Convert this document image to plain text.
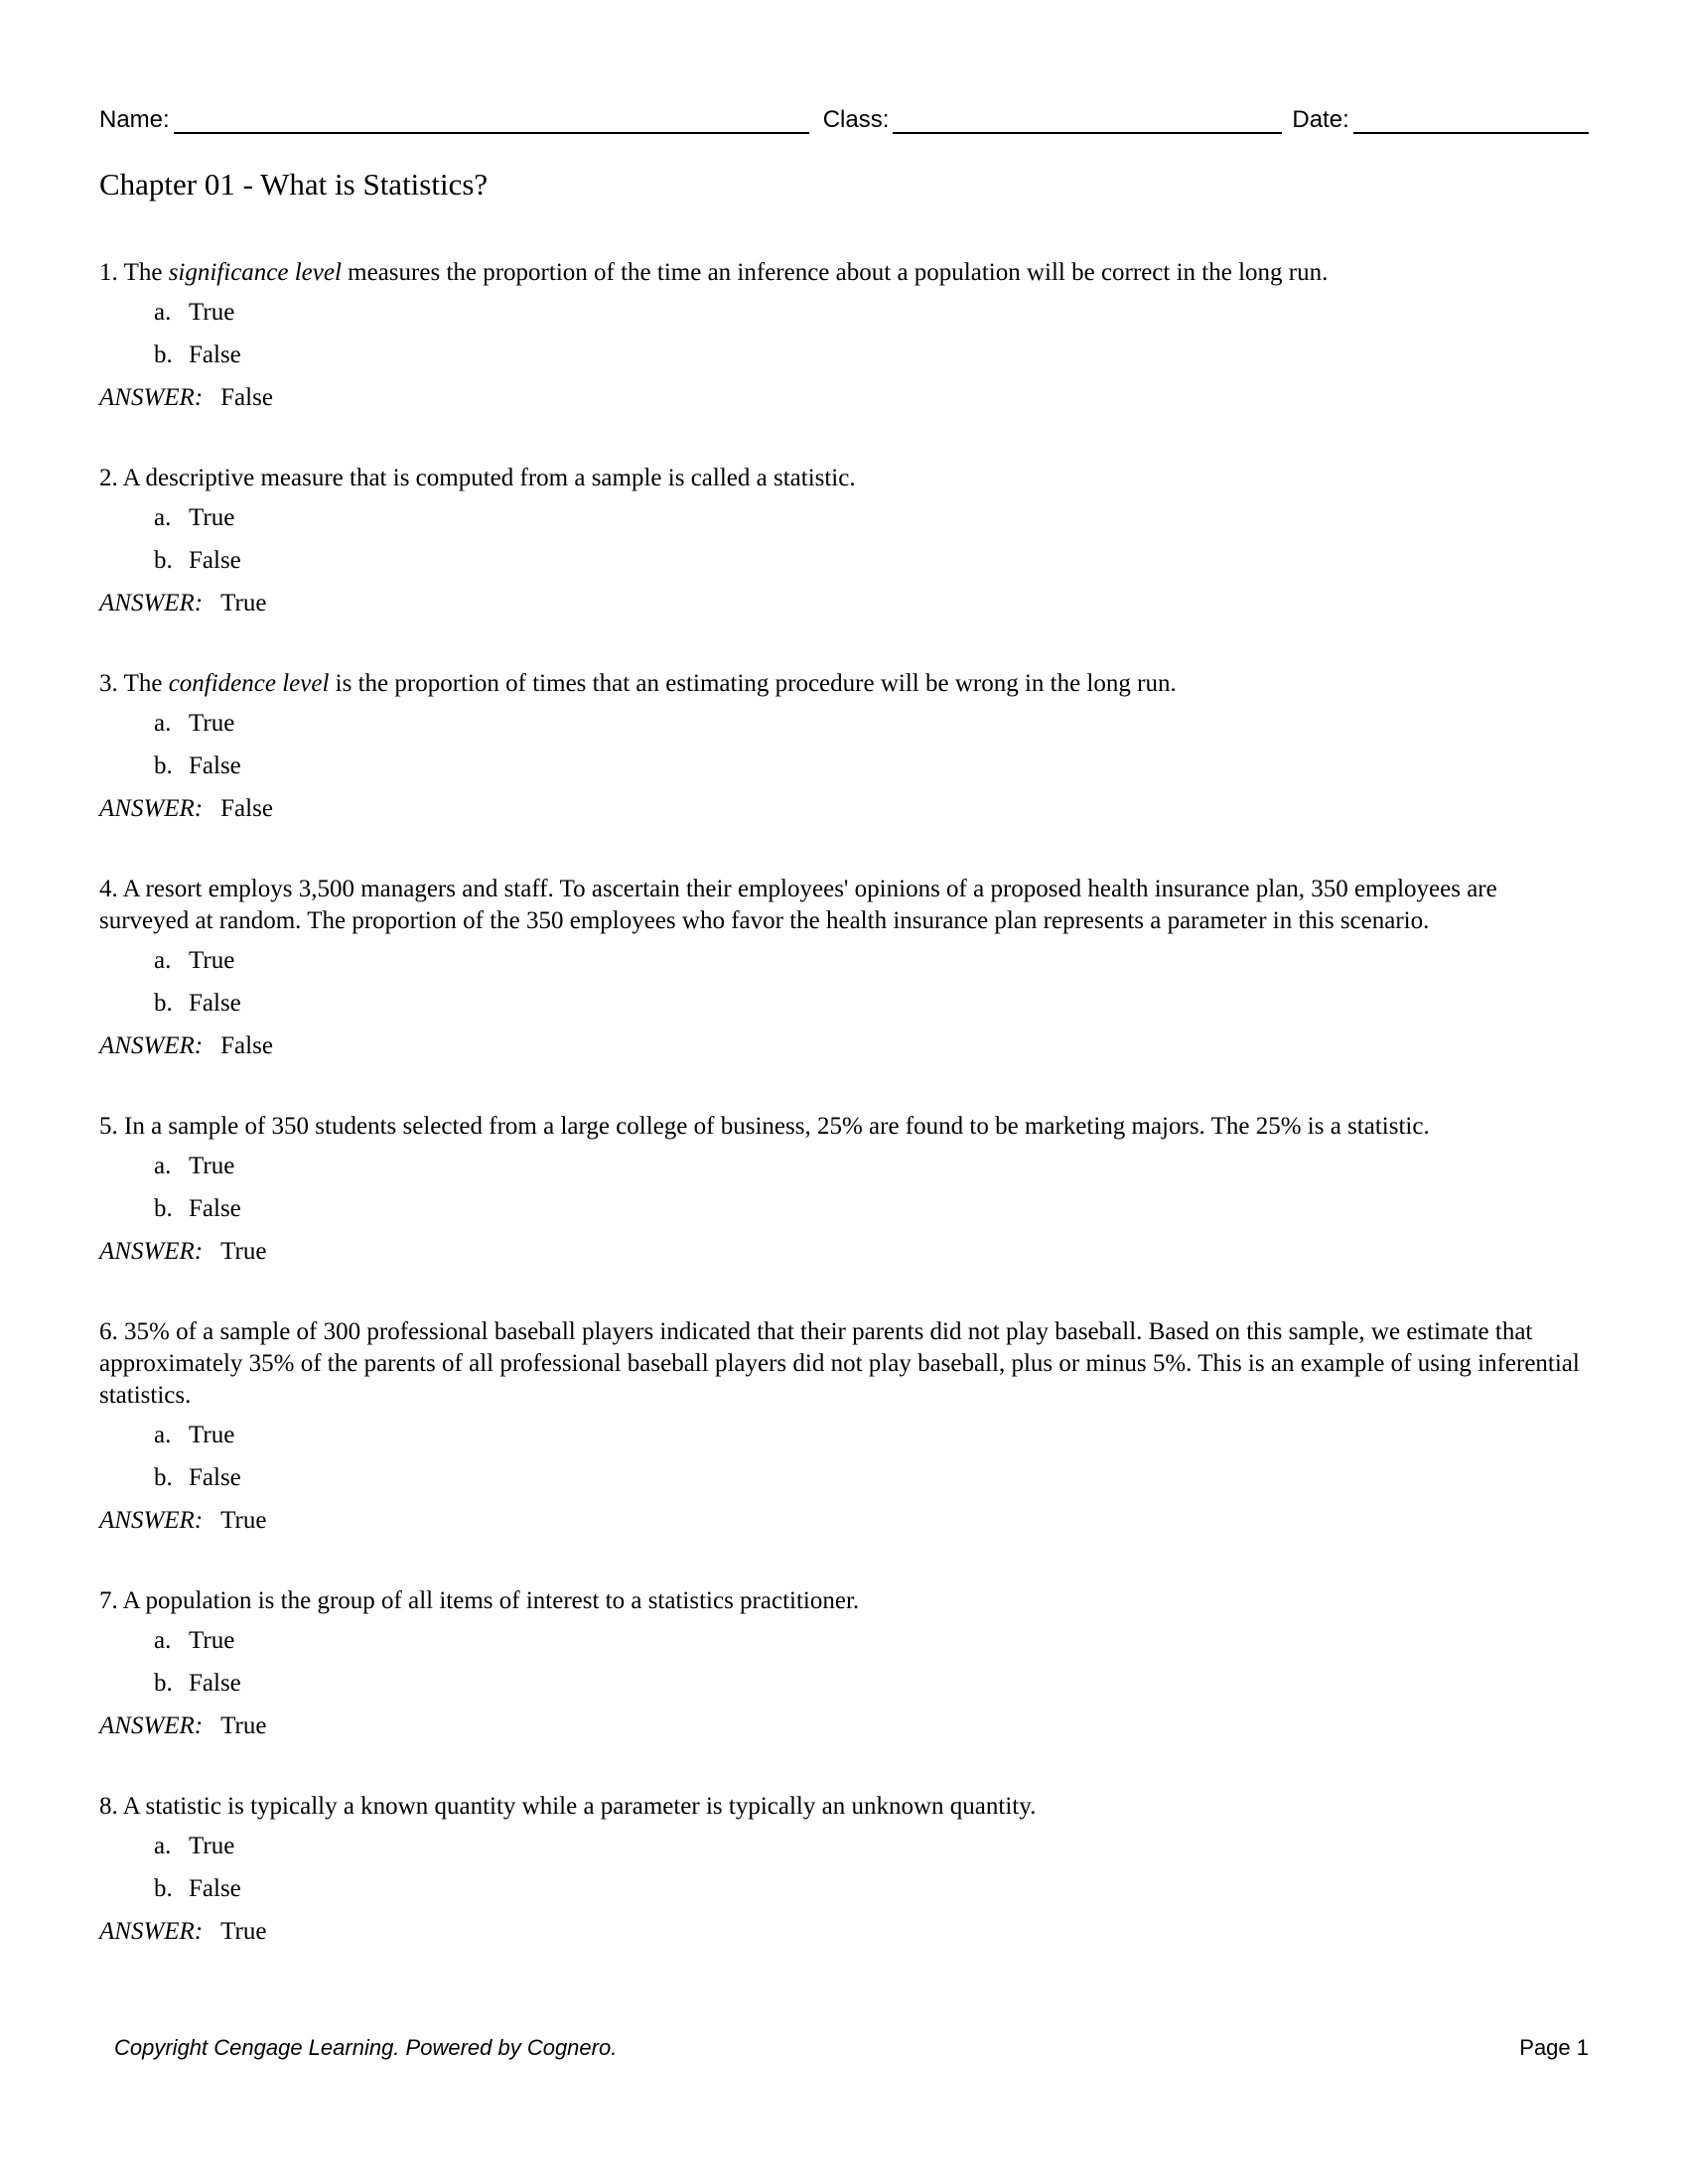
Name:	Class:	Date:
Chapter 01 - What is Statistics?
1. The significance level measures the proportion of the time an inference about a population will be correct in the long run.
a. True
b. False
ANSWER: False
2. A descriptive measure that is computed from a sample is called a statistic.
a. True
b. False
ANSWER: True
3. The confidence level is the proportion of times that an estimating procedure will be wrong in the long run.
a. True
b. False
ANSWER: False
4. A resort employs 3,500 managers and staff. To ascertain their employees' opinions of a proposed health insurance plan, 350 employees are surveyed at random. The proportion of the 350 employees who favor the health insurance plan represents a parameter in this scenario.
a. True
b. False
ANSWER: False
5. In a sample of 350 students selected from a large college of business, 25% are found to be marketing majors. The 25% is a statistic.
a. True
b. False
ANSWER: True
6. 35% of a sample of 300 professional baseball players indicated that their parents did not play baseball. Based on this sample, we estimate that approximately 35% of the parents of all professional baseball players did not play baseball, plus or minus 5%. This is an example of using inferential statistics.
a. True
b. False
ANSWER: True
7. A population is the group of all items of interest to a statistics practitioner.
a. True
b. False
ANSWER: True
8. A statistic is typically a known quantity while a parameter is typically an unknown quantity.
a. True
b. False
ANSWER: True
Copyright Cengage Learning. Powered by Cognero.	Page 1
